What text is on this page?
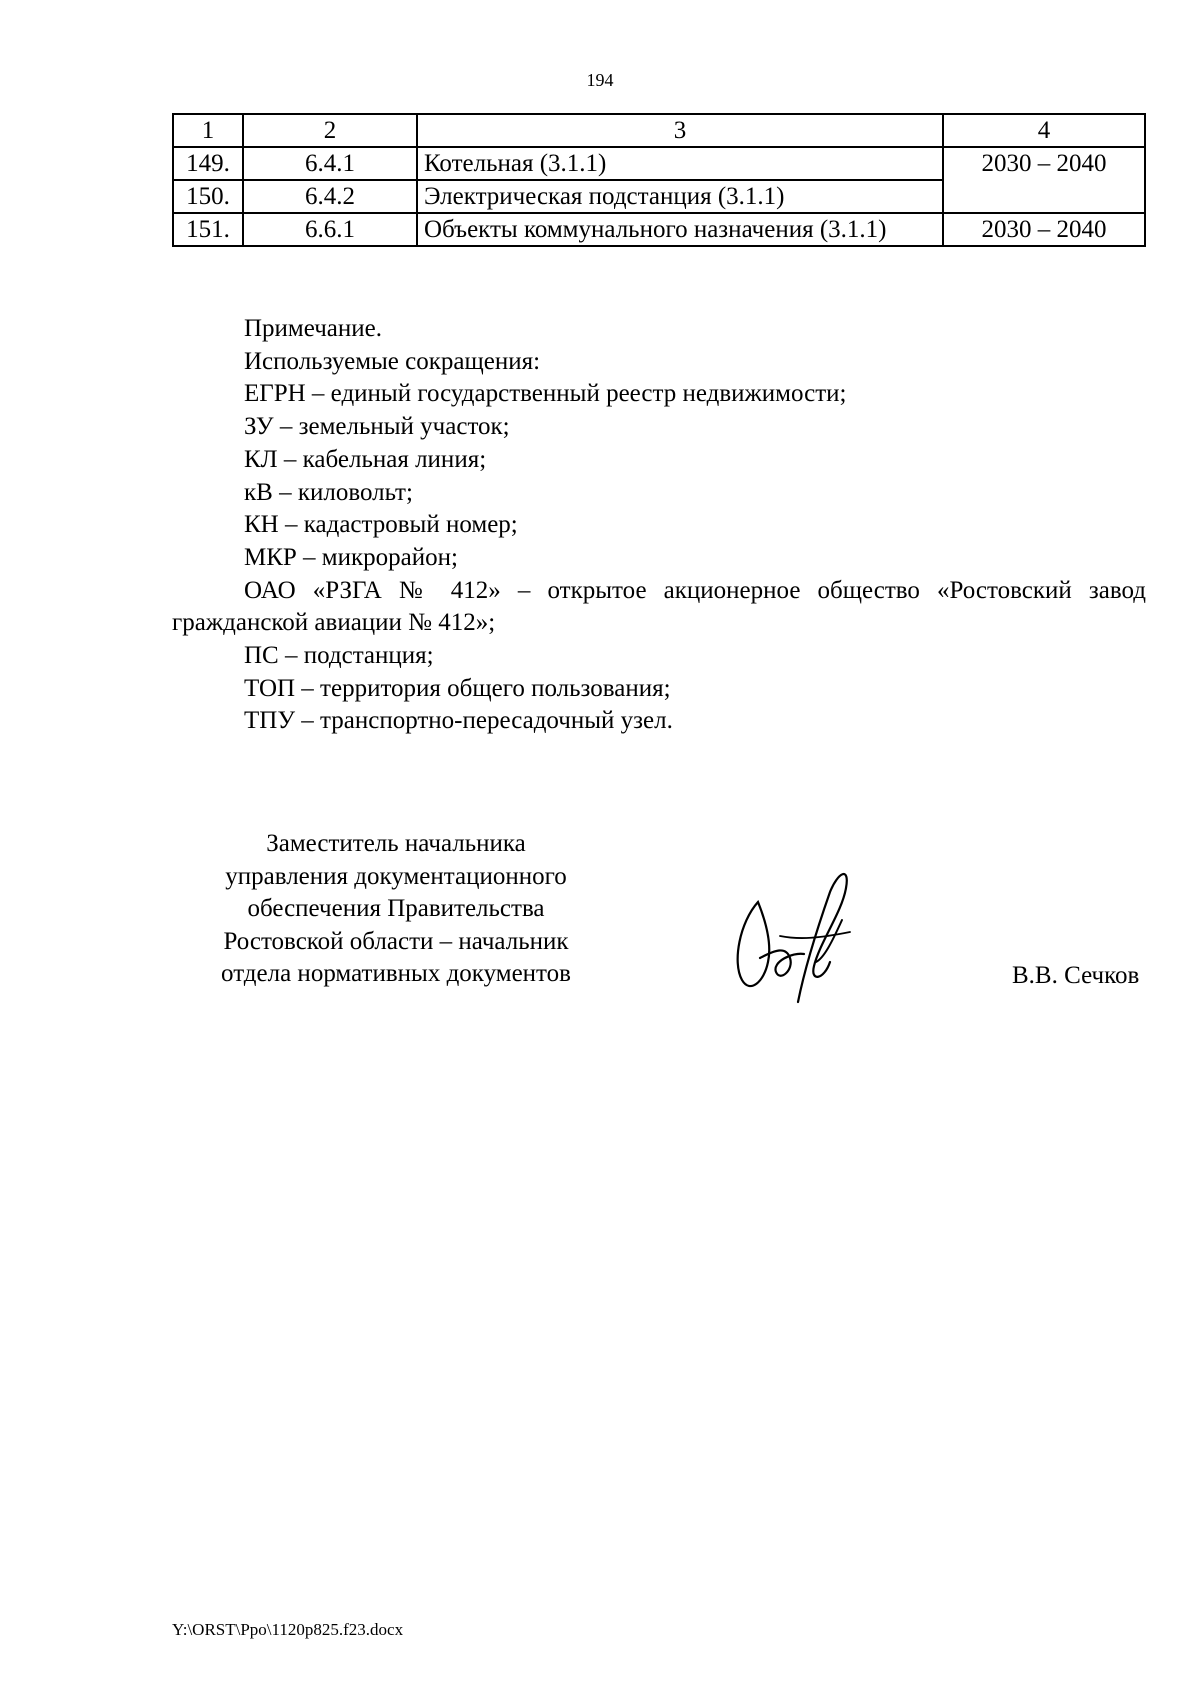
194
1	2	3	4
149.	6.4.1	Котельная (3.1.1)	2030 – 2040
150.	6.4.2	Электрическая подстанция (3.1.1)	
151.	6.6.1	Объекты коммунального назначения (3.1.1)	2030 – 2040

Примечание.

Используемые сокращения:

ЕГРН – единый государственный реестр недвижимости;

ЗУ – земельный участок;

КЛ – кабельная линия;

кВ – киловольт;

КН – кадастровый номер;

МКР – микрорайон;

ОАО «РЗГА № 412» – открытое акционерное общество «Ростовский завод гражданской авиации № 412»;

ПС – подстанция;

ТОП – территория общего пользования;

ТПУ – транспортно-пересадочный узел.

Заместитель начальника
управления документационного
обеспечения Правительства
Ростовской области – начальник
отдела нормативных документов	В.В. Сечков
Y:\ORST\Ppo\1120p825.f23.docx
